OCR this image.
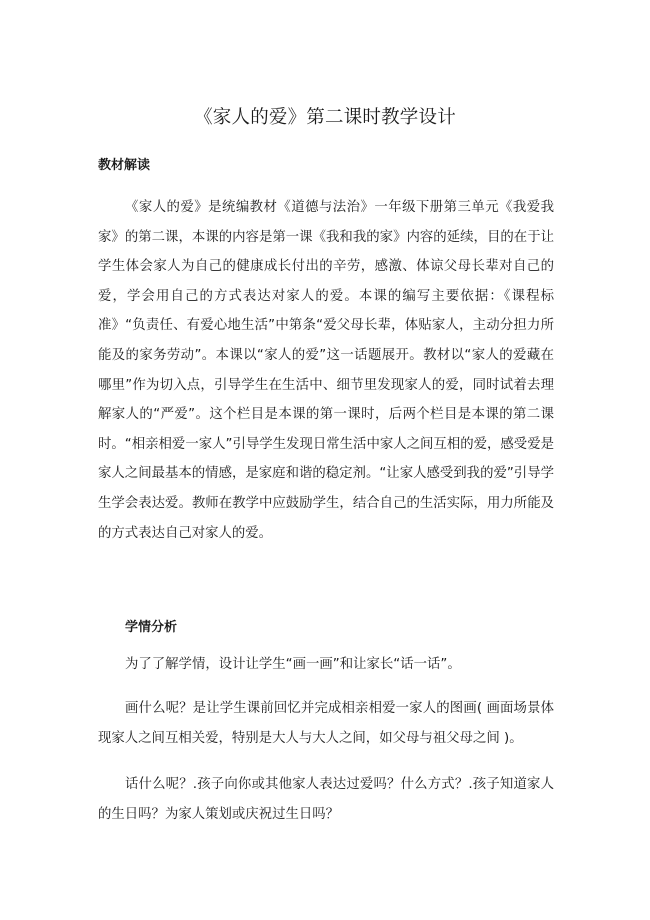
《家人的爱》第二课时教学设计
教材解读

《家人的爱》是统编教材《道德与法治》一年级下册第三单元《我爱我家》的第二课，本课的内容是第一课《我和我的家》内容的延续，目的在于让学生体会家人为自己的健康成长付出的辛劳，感激、体谅父母长辈对自己的爱，学会用自己的方式表达对家人的爱。本课的编写主要依据：《课程标准》“负责任、有爱心地生活”中第条“爱父母长辈，体贴家人，主动分担力所能及的家务劳动”。本课以“家人的爱”这一话题展开。教材以“家人的爱藏在哪里”作为切入点，引导学生在生活中、细节里发现家人的爱，同时试着去理解家人的“严爱”。这个栏目是本课的第一课时，后两个栏目是本课的第二课时。“相亲相爱一家人”引导学生发现日常生活中家人之间互相的爱，感受爱是家人之间最基本的情感，是家庭和谐的稳定剂。“让家人感受到我的爱”引导学生学会表达爱。教师在教学中应鼓励学生，结合自己的生活实际，用力所能及的方式表达自己对家人的爱。

学情分析

为了了解学情，设计让学生“画一画”和让家长“话一话”。

画什么呢？是让学生课前回忆并完成相亲相爱一家人的图画( 画面场景体现家人之间互相关爱，特别是大人与大人之间，如父母与祖父母之间 )。

话什么呢？.孩子向你或其他家人表达过爱吗？什么方式？.孩子知道家人的生日吗？为家人策划或庆祝过生日吗？
